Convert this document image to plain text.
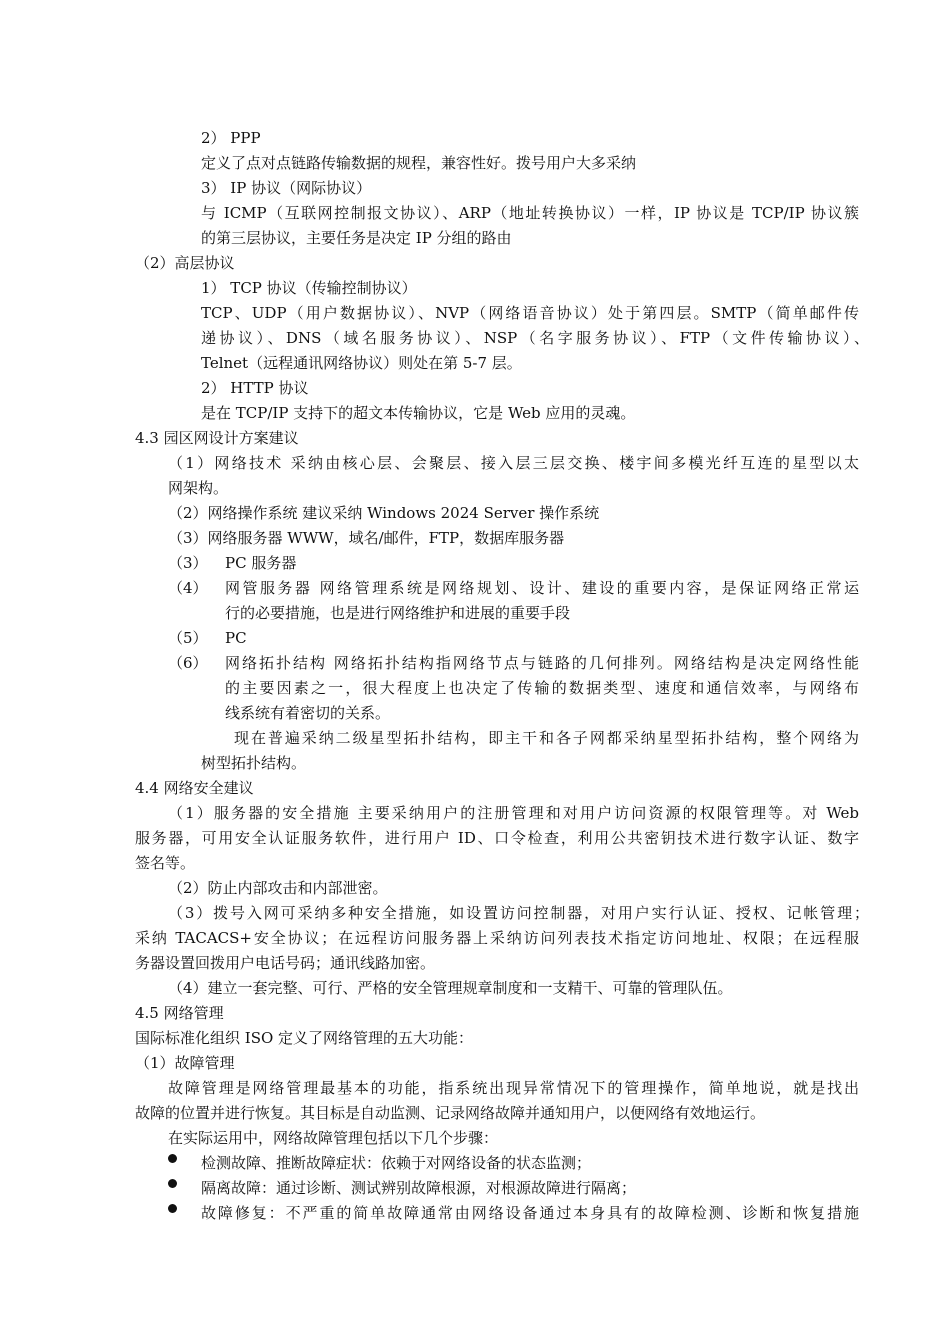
2） PPP
定义了点对点链路传输数据的规程，兼容性好。拨号用户大多采纳
3） IP 协议（网际协议）
与 ICMP（互联网控制报文协议）、ARP（地址转换协议）一样，IP 协议是 TCP/IP 协议簇
的第三层协议，主要任务是决定 IP 分组的路由
（2）高层协议
1） TCP 协议（传输控制协议）
TCP、UDP（用户数据协议）、NVP（网络语音协议）处于第四层。SMTP（简单邮件传
递协议）、DNS（域名服务协议）、NSP（名字服务协议）、FTP（文件传输协议）、
Telnet（远程通讯网络协议）则处在第 5-7 层。
2） HTTP 协议
是在 TCP/IP 支持下的超文本传输协议，它是 Web 应用的灵魂。
4.3 园区网设计方案建议
（1）网络技术 采纳由核心层、会聚层、接入层三层交换、楼宇间多模光纤互连的星型以太
网架构。
（2）网络操作系统 建议采纳 Windows 2024 Server 操作系统
（3）网络服务器 WWW，域名/邮件，FTP，数据库服务器
（3） PC 服务器
（4） 网管服务器 网络管理系统是网络规划、设计、建设的重要内容，是保证网络正常运
行的必要措施，也是进行网络维护和进展的重要手段
（5） PC
（6） 网络拓扑结构 网络拓扑结构指网络节点与链路的几何排列。网络结构是决定网络性能
的主要因素之一，很大程度上也决定了传输的数据类型、速度和通信效率，与网络布
线系统有着密切的关系。
现在普遍采纳二级星型拓扑结构，即主干和各子网都采纳星型拓扑结构，整个网络为
树型拓扑结构。
4.4 网络安全建议
（1）服务器的安全措施 主要采纳用户的注册管理和对用户访问资源的权限管理等。对 Web
服务器，可用安全认证服务软件，进行用户 ID、口令检查，利用公共密钥技术进行数字认证、数字
签名等。
（2）防止内部攻击和内部泄密。
（3）拨号入网可采纳多种安全措施，如设置访问控制器，对用户实行认证、授权、记帐管理；
采纳 TACACS+安全协议；在远程访问服务器上采纳访问列表技术指定访问地址、权限；在远程服
务器设置回拨用户电话号码；通讯线路加密。
（4）建立一套完整、可行、严格的安全管理规章制度和一支精干、可靠的管理队伍。
4.5 网络管理
国际标准化组织 ISO 定义了网络管理的五大功能：
（1）故障管理
故障管理是网络管理最基本的功能，指系统出现异常情况下的管理操作，简单地说，就是找出
故障的位置并进行恢复。其目标是自动监测、记录网络故障并通知用户，以便网络有效地运行。
在实际运用中，网络故障管理包括以下几个步骤：
检测故障、推断故障症状：依赖于对网络设备的状态监测；
隔离故障：通过诊断、测试辨别故障根源，对根源故障进行隔离；
故障修复：不严重的简单故障通常由网络设备通过本身具有的故障检测、诊断和恢复措施
